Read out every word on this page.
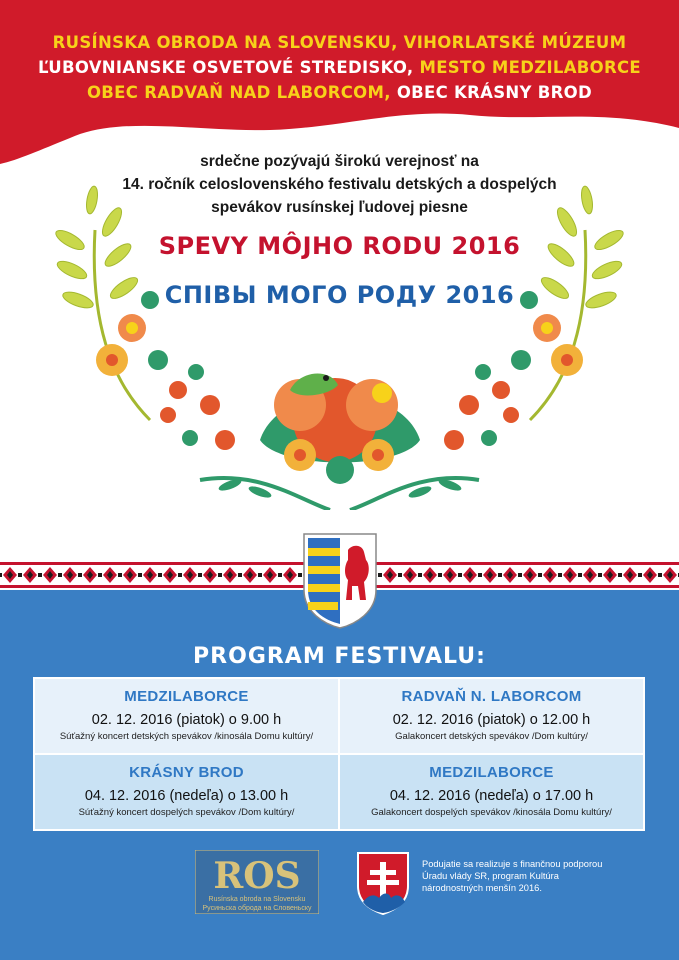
RUSÍNSKA OBRODA NA SLOVENSKU, VIHORLATSKÉ MÚZEUM
ĽUBOVNIANSKE OSVETOVÉ STREDISKO, MESTO MEDZILABORCE
OBEC RADVAŇ NAD LABORCOM, OBEC KRÁSNY BROD
srdečne pozývajú širokú verejnosť na
14. ročník celoslovenského festivalu detských a dospelých
spevákov rusínskej ľudovej piesne
SPEVY MÔJHO RODU 2016
СПІВЫ МОГО РОДУ 2016
PROGRAM FESTIVALU:
MEDZILABORCE
02. 12. 2016 (piatok) o 9.00 h
Súťažný koncert detských spevákov /kinosála Domu kultúry/
RADVAŇ N. LABORCOM
02. 12. 2016 (piatok) o 12.00 h
Galakoncert detských spevákov /Dom kultúry/
KRÁSNY BROD
04. 12. 2016 (nedeľa) o 13.00 h
Súťažný koncert dospelých spevákov /Dom kultúry/
MEDZILABORCE
04. 12. 2016 (nedeľa) o 17.00 h
Galakoncert dospelých spevákov /kinosála Domu kultúry/
ROS
Rusínska obroda na Slovensku
Русиньска оброда на Словеньску
Podujatie sa realizuje s finančnou podporou Úradu vlády SR, program Kultúra národnostných menšín 2016.
